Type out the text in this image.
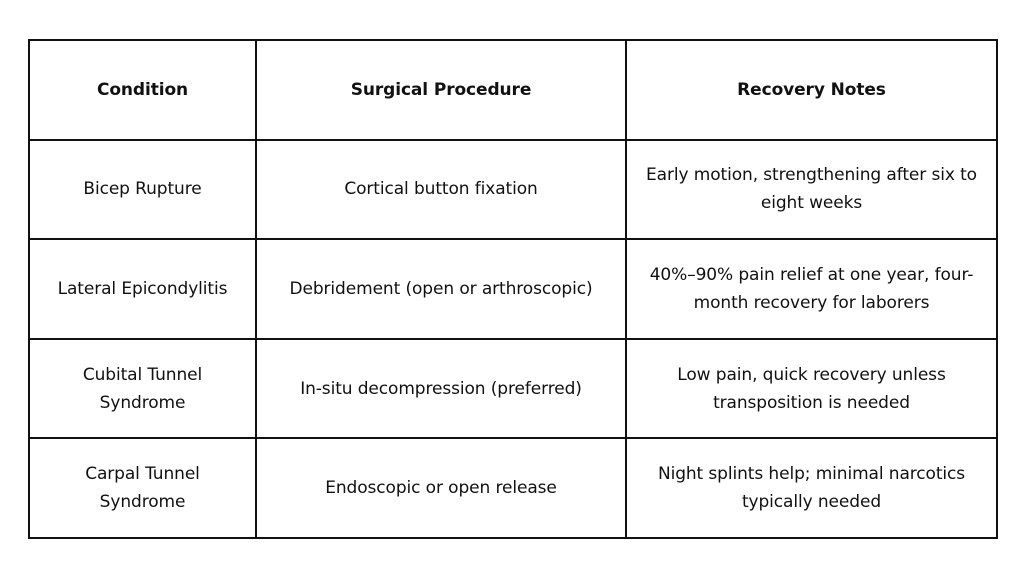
Condition	Surgical Procedure	Recovery Notes
Bicep Rupture	Cortical button fixation	Early motion, strengthening after six to eight weeks
Lateral Epicondylitis	Debridement (open or arthroscopic)	40%–90% pain relief at one year, four-month recovery for laborers
Cubital Tunnel Syndrome	In-situ decompression (preferred)	Low pain, quick recovery unless transposition is needed
Carpal Tunnel Syndrome	Endoscopic or open release	Night splints help; minimal narcotics typically needed
